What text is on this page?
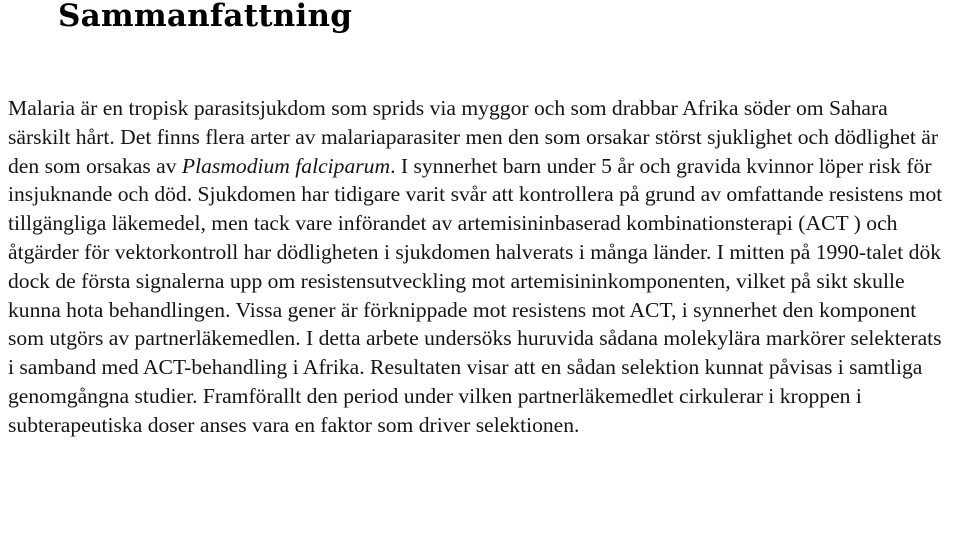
Sammanfattning

Malaria är en tropisk parasitsjukdom som sprids via myggor och som drabbar Afrika söder om Sahara särskilt hårt. Det finns flera arter av malariaparasiter men den som orsakar störst sjuklighet och dödlighet är den som orsakas av Plasmodium falciparum. I synnerhet barn under 5 år och gravida kvinnor löper risk för insjuknande och död. Sjukdomen har tidigare varit svår att kontrollera på grund av omfattande resistens mot tillgängliga läkemedel, men tack vare införandet av artemisininbaserad kombinationsterapi (ACT ) och åtgärder för vektorkontroll har dödligheten i sjukdomen halverats i många länder. I mitten på 1990-talet dök dock de första signalerna upp om resistensutveckling mot artemisininkomponenten, vilket på sikt skulle kunna hota behandlingen. Vissa gener är förknippade mot resistens mot ACT, i synnerhet den komponent som utgörs av partnerläkemedlen. I detta arbete undersöks huruvida sådana molekylära markörer selekterats i samband med ACT-behandling i Afrika. Resultaten visar att en sådan selektion kunnat påvisas i samtliga genomgångna studier. Framförallt den period under vilken partnerläkemedlet cirkulerar i kroppen i subterapeutiska doser anses vara en faktor som driver selektionen.
